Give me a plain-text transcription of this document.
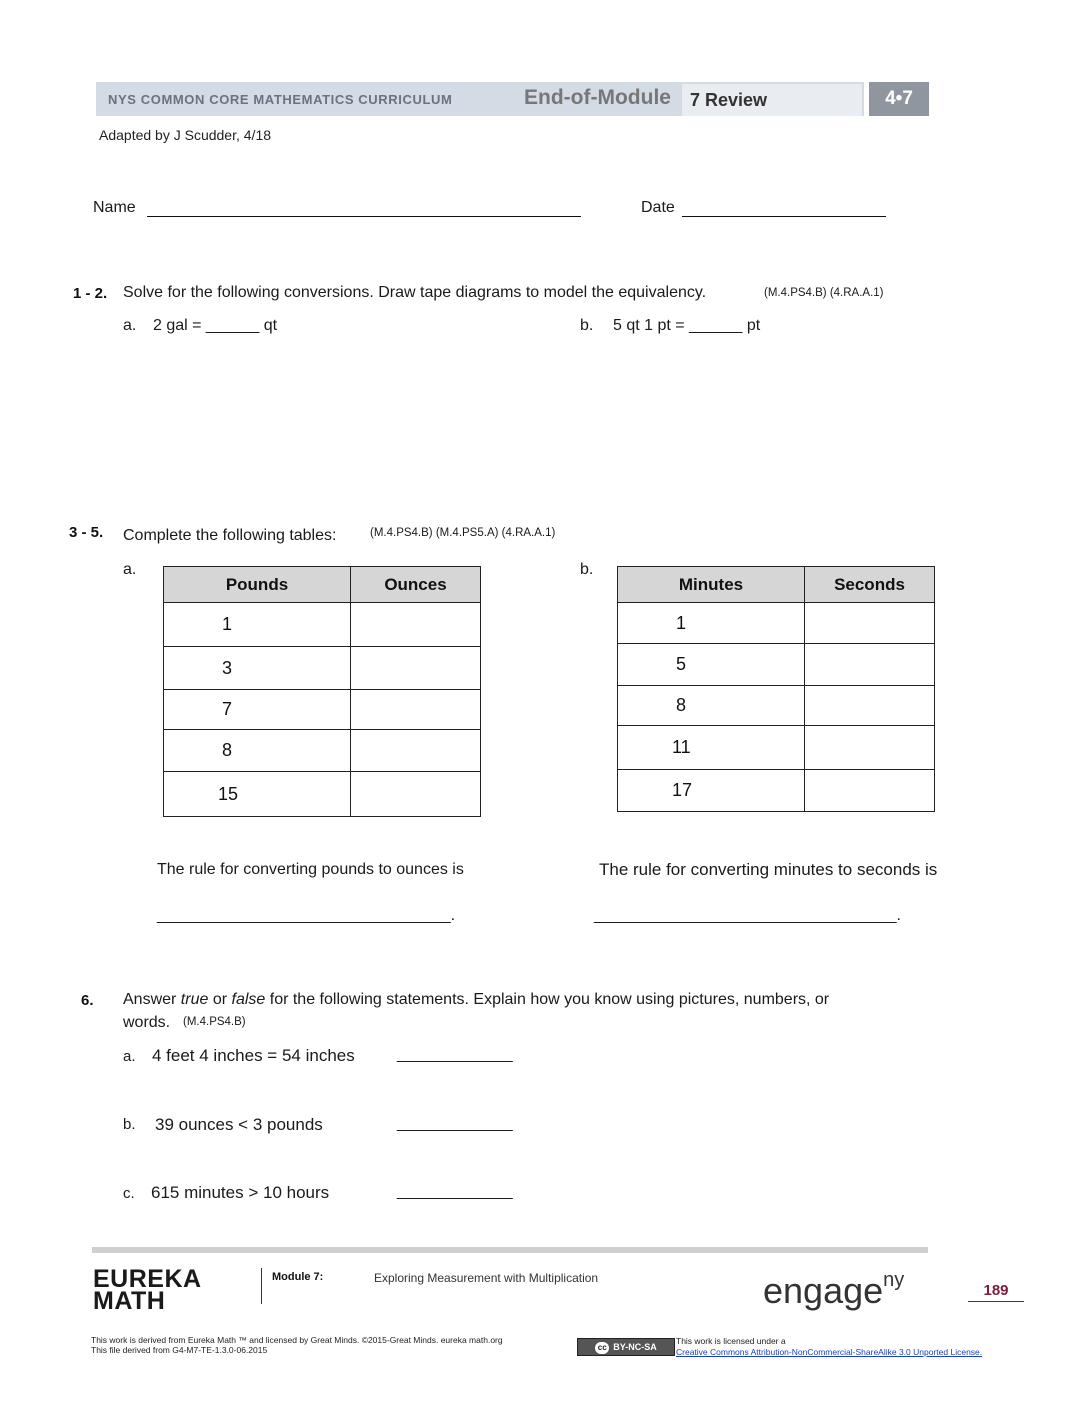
NYS COMMON CORE MATHEMATICS CURRICULUM	End-of-Module 7 Review	4•7
Adapted by J Scudder, 4/18
Name	Date
1 - 2. Solve for the following conversions. Draw tape diagrams to model the equivalency.	(M.4.PS4.B) (4.RA.A.1)
a. 2 gal = ______ qt	b. 5 qt 1 pt = ______ pt
3 - 5. Complete the following tables:	(M.4.PS4.B) (M.4.PS5.A) (4.RA.A.1)
a.	b.
Pounds	Ounces
1	
3	
7	
8	
15	
Minutes	Seconds
1	
5	
8	
11	
17	
The rule for converting pounds to ounces is	The rule for converting minutes to seconds is
_________________________________.	__________________________________.
6. Answer true or false for the following statements. Explain how you know using pictures, numbers, or
words. (M.4.PS4.B)
a. 4 feet 4 inches = 54 inches	_____________
b. 39 ounces < 3 pounds	_____________
c. 615 minutes > 10 hours	_____________
EUREKA
MATH
Module 7:	Exploring Measurement with Multiplication	engage$^{ny}$	189
This work is derived from Eureka Math ™ and licensed by Great Minds. ©2015-Great Minds. eureka math.org
This file derived from G4-M7-TE-1.3.0-06.2015	cc BY-NC-SA
This work is licensed under a
Creative Commons Attribution-NonCommercial-ShareAlike 3.0 Unported License.
